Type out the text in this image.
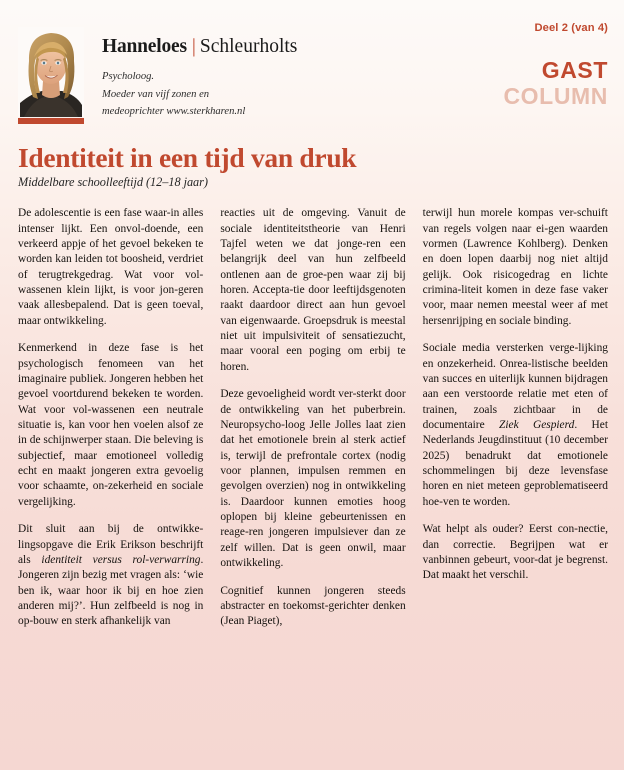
Hanneloes | Schleurholts
Psycholoog.
Moeder van vijf zonen en
medeoprichter www.sterkharen.nl
Deel 2 (van 4)
GAST
COLUMN
Identiteit in een tijd van druk
Middelbare schoolleeftijd (12–18 jaar)

De adolescentie is een fase waar-in alles intenser lijkt. Een onvol-doende, een verkeerd appje of het gevoel bekeken te worden kan leiden tot boosheid, verdriet of terugtrekgedrag. Wat voor vol-wassenen klein lijkt, is voor jon-geren vaak allesbepalend. Dat is geen toeval, maar ontwikkeling.

Kenmerkend in deze fase is het psychologisch fenomeen van het imaginaire publiek. Jongeren hebben het gevoel voortdurend bekeken te worden. Wat voor vol-wassenen een neutrale situatie is, kan voor hen voelen alsof ze in de schijnwerper staan. Die beleving is subjectief, maar emotioneel volledig echt en maakt jongeren extra gevoelig voor schaamte, on-zekerheid en sociale vergelijking.

Dit sluit aan bij de ontwikke-lingsopgave die Erik Erikson beschrijft als identiteit versus rol-verwarring. Jongeren zijn bezig met vragen als: ‘wie ben ik, waar hoor ik bij en hoe zien anderen mij?’. Hun zelfbeeld is nog in op-bouw en sterk afhankelijk van

reacties uit de omgeving. Vanuit de sociale identiteitstheorie van Henri Tajfel weten we dat jonge-ren een belangrijk deel van hun zelfbeeld ontlenen aan de groe-pen waar zij bij horen. Accepta-tie door leeftijdsgenoten raakt daardoor direct aan hun gevoel van eigenwaarde. Groepsdruk is meestal niet uit impulsiviteit of sensatiezucht, maar vooral een poging om erbij te horen.

Deze gevoeligheid wordt ver-sterkt door de ontwikkeling van het puberbrein. Neuropsycho-loog Jelle Jolles laat zien dat het emotionele brein al sterk actief is, terwijl de prefrontale cortex (nodig voor plannen, impulsen remmen en gevolgen overzien) nog in ontwikkeling is. Daardoor kunnen emoties hoog oplopen bij kleine gebeurtenissen en reage-ren jongeren impulsiever dan ze zelf willen. Dat is geen onwil, maar ontwikkeling.

Cognitief kunnen jongeren steeds abstracter en toekomst-gerichter denken (Jean Piaget),

terwijl hun morele kompas ver-schuift van regels volgen naar ei-gen waarden vormen (Lawrence Kohlberg). Denken en doen lopen daarbij nog niet altijd gelijk. Ook risicogedrag en lichte crimina-liteit komen in deze fase vaker voor, maar nemen meestal weer af met hersenrijping en sociale binding.

Sociale media versterken verge-lijking en onzekerheid. Onrea-listische beelden van succes en uiterlijk kunnen bijdragen aan een verstoorde relatie met eten of trainen, zoals zichtbaar in de documentaire Ziek Gespierd. Het Nederlands Jeugdinstituut (10 december 2025) benadrukt dat emotionele schommelingen bij deze levensfase horen en niet meteen geproblematiseerd hoe-ven te worden.

Wat helpt als ouder? Eerst con-nectie, dan correctie. Begrijpen wat er vanbinnen gebeurt, voor-dat je begrenst. Dat maakt het verschil.
